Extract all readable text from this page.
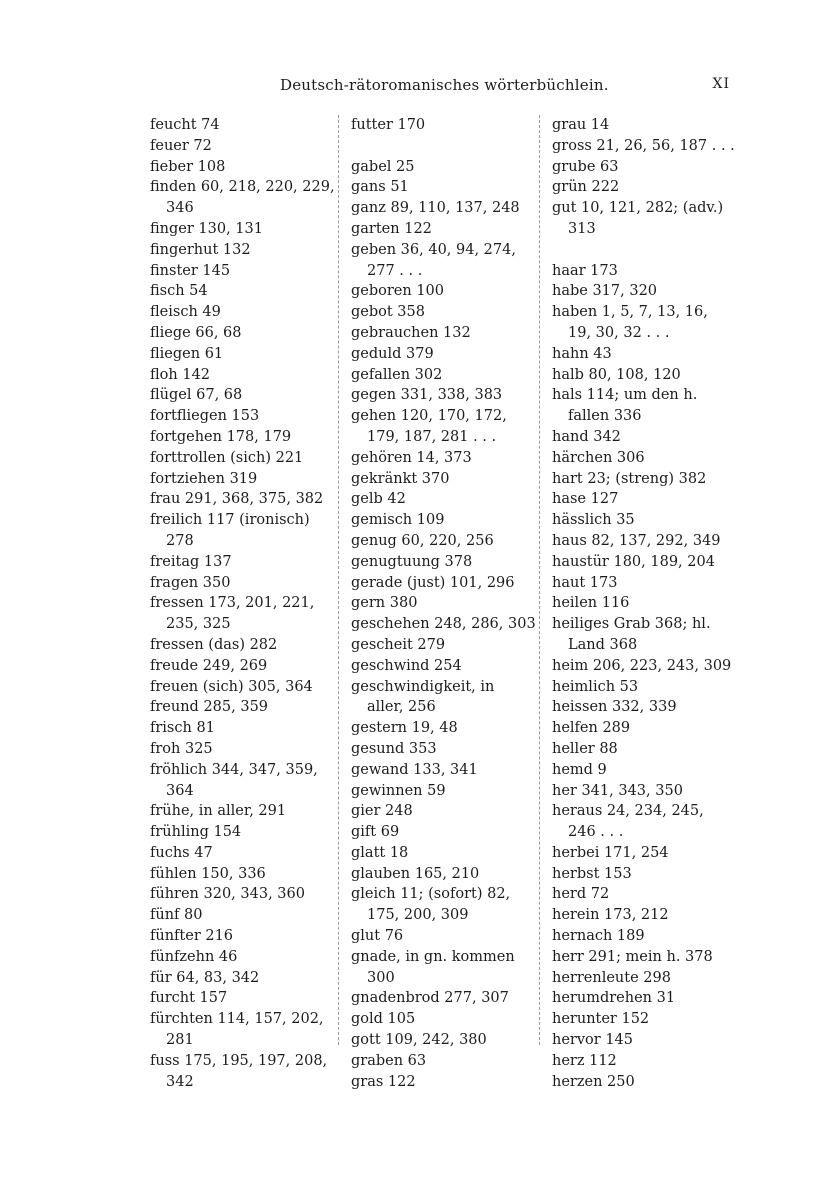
Deutsch-rätoromanisches wörterbüchlein.	XI
feucht 74
feuer 72
fieber 108
finden 60, 218, 220, 229,
346
finger 130, 131
fingerhut 132
finster 145
fisch 54
fleisch 49
fliege 66, 68
fliegen 61
floh 142
flügel 67, 68
fortfliegen 153
fortgehen 178, 179
forttrollen (sich) 221
fortziehen 319
frau 291, 368, 375, 382
freilich 117 (ironisch)
278
freitag 137
fragen 350
fressen 173, 201, 221,
235, 325
fressen (das) 282
freude 249, 269
freuen (sich) 305, 364
freund 285, 359
frisch 81
froh 325
fröhlich 344, 347, 359,
364
frühe, in aller, 291
frühling 154
fuchs 47
fühlen 150, 336
führen 320, 343, 360
fünf 80
fünfter 216
fünfzehn 46
für 64, 83, 342
furcht 157
fürchten 114, 157, 202,
281
fuss 175, 195, 197, 208,
342
futter 170
gabel 25
gans 51
ganz 89, 110, 137, 248
garten 122
geben 36, 40, 94, 274,
277 . . .
geboren 100
gebot 358
gebrauchen 132
geduld 379
gefallen 302
gegen 331, 338, 383
gehen 120, 170, 172,
179, 187, 281 . . .
gehören 14, 373
gekränkt 370
gelb 42
gemisch 109
genug 60, 220, 256
genugtuung 378
gerade (just) 101, 296
gern 380
geschehen 248, 286, 303
gescheit 279
geschwind 254
geschwindigkeit, in
aller, 256
gestern 19, 48
gesund 353
gewand 133, 341
gewinnen 59
gier 248
gift 69
glatt 18
glauben 165, 210
gleich 11; (sofort) 82,
175, 200, 309
glut 76
gnade, in gn. kommen
300
gnadenbrod 277, 307
gold 105
gott 109, 242, 380
graben 63
gras 122
grau 14
gross 21, 26, 56, 187 . . .
grube 63
grün 222
gut 10, 121, 282; (adv.)
313
haar 173
habe 317, 320
haben 1, 5, 7, 13, 16,
19, 30, 32 . . .
hahn 43
halb 80, 108, 120
hals 114; um den h.
fallen 336
hand 342
härchen 306
hart 23; (streng) 382
hase 127
hässlich 35
haus 82, 137, 292, 349
haustür 180, 189, 204
haut 173
heilen 116
heiliges Grab 368; hl.
Land 368
heim 206, 223, 243, 309
heimlich 53
heissen 332, 339
helfen 289
heller 88
hemd 9
her 341, 343, 350
heraus 24, 234, 245,
246 . . .
herbei 171, 254
herbst 153
herd 72
herein 173, 212
hernach 189
herr 291; mein h. 378
herrenleute 298
herumdrehen 31
herunter 152
hervor 145
herz 112
herzen 250
